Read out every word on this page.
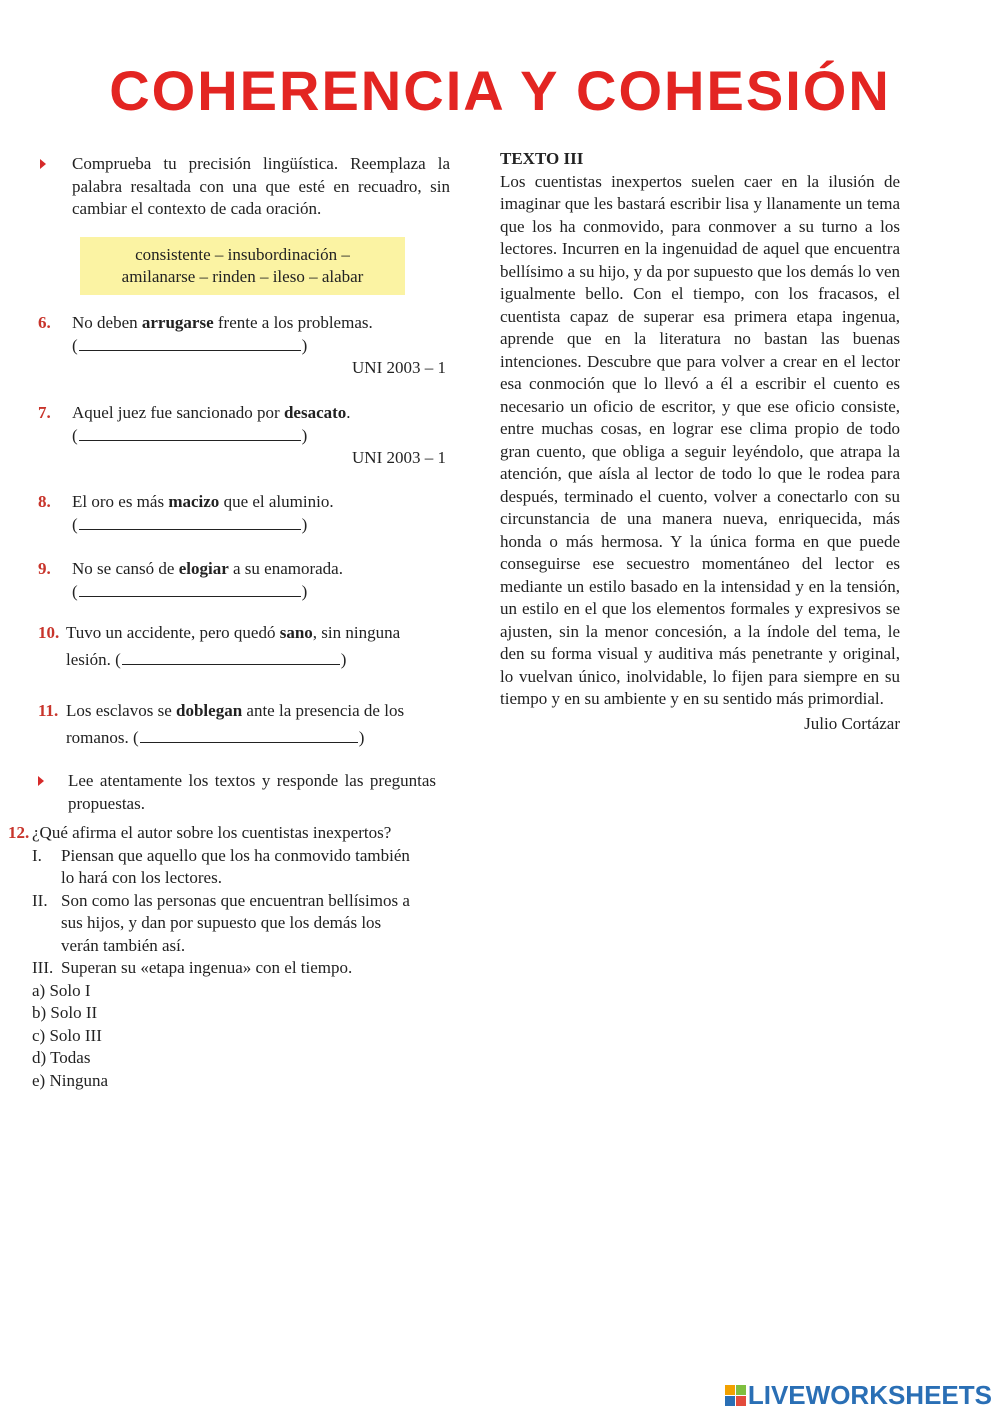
COHERENCIA Y COHESIÓN
Comprueba tu precisión lingüística. Reemplaza la palabra resaltada con una que esté en recuadro, sin cambiar el contexto de cada oración.
consistente – insubordinación –
amilanarse – rinden – ileso – alabar
6. No deben arrugarse frente a los problemas.
(	)
UNI 2003 – 1
7. Aquel juez fue sancionado por desacato.
(	)
UNI 2003 – 1
8. El oro es más macizo que el aluminio.
(	)
9. No se cansó de elogiar a su enamorada.
(	)
10. Tuvo un accidente, pero quedó sano, sin ninguna
lesión. (	)
11. Los esclavos se doblegan ante la presencia de los
romanos. (	)
Lee atentamente los textos y responde las preguntas propuestas.
12. ¿Qué afirma el autor sobre los cuentistas inexpertos?
I.	Piensan que aquello que los ha conmovido también lo hará con los lectores.
II. Son como las personas que encuentran bellísimos a sus hijos, y dan por supuesto que los demás los verán también así.
III. Superan su «etapa ingenua» con el tiempo.
a) Solo I
b) Solo II
c) Solo III
d) Todas
e) Ninguna
TEXTO III
Los cuentistas inexpertos suelen caer en la ilusión de imaginar que les bastará escribir lisa y llanamente un tema que los ha conmovido, para conmover a su turno a los lectores. Incurren en la ingenuidad de aquel que encuentra bellísimo a su hijo, y da por supuesto que los demás lo ven igualmente bello. Con el tiempo, con los fracasos, el cuentista capaz de superar esa primera etapa ingenua, aprende que en la literatura no bastan las buenas intenciones. Descubre que para volver a crear en el lector esa conmoción que lo llevó a él a escribir el cuento es necesario un oficio de escritor, y que ese oficio consiste, entre muchas cosas, en lograr ese clima propio de todo gran cuento, que obliga a seguir leyéndolo, que atrapa la atención, que aísla al lector de todo lo que le rodea para después, terminado el cuento, volver a conectarlo con su circunstancia de una manera nueva, enriquecida, más honda o más hermosa. Y la única forma en que puede conseguirse ese secuestro momentáneo del lector es mediante un estilo basado en la intensidad y en la tensión, un estilo en el que los elementos formales y expresivos se ajusten, sin la menor concesión, a la índole del tema, le den su forma visual y auditiva más penetrante y original, lo vuelvan único, inolvidable, lo fijen para siempre en su tiempo y en su ambiente y en su sentido más primordial.
Julio Cortázar
LIVEWORKSHEETS
